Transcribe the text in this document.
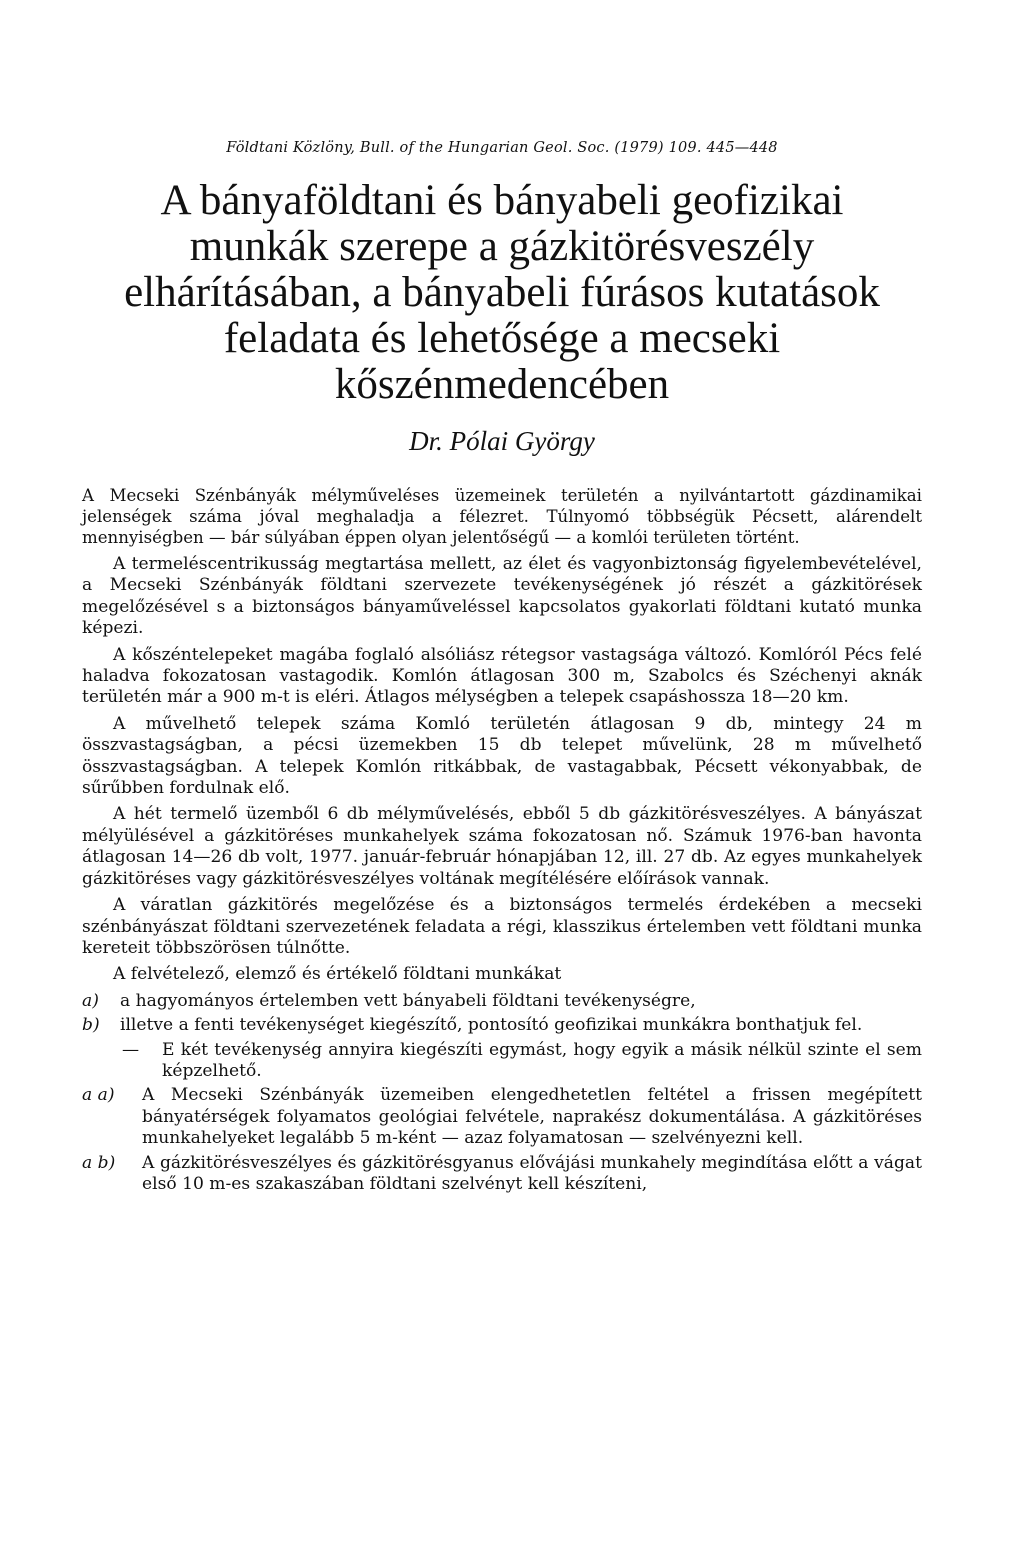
Földtani Közlöny, Bull. of the Hungarian Geol. Soc. (1979) 109. 445—448
A bányaföldtani és bányabeli geofizikai
munkák szerepe a gázkitörésveszély
elhárításában, a bányabeli fúrásos kutatások
feladata és lehetősége a mecseki
kőszénmedencében
Dr. Pólai György
A Mecseki Szénbányák mélyműveléses üzemeinek területén a nyilvántartott gázdinamikai jelenségek száma jóval meghaladja a félezret. Túlnyomó többségük Pécsett, alárendelt mennyiségben — bár súlyában éppen olyan jelentőségű — a komlói területen történt.

A termeléscentrikusság megtartása mellett, az élet és vagyonbiztonság figyelembevételével, a Mecseki Szénbányák földtani szervezete tevékenységének jó részét a gázkitörések megelőzésével s a biztonságos bányaműveléssel kapcsolatos gyakorlati földtani kutató munka képezi.

A kőszéntelepeket magába foglaló alsóliász rétegsor vastagsága változó. Komlóról Pécs felé haladva fokozatosan vastagodik. Komlón átlagosan 300 m, Szabolcs és Széchenyi aknák területén már a 900 m-t is eléri. Átlagos mélységben a telepek csapáshossza 18—20 km.

A művelhető telepek száma Komló területén átlagosan 9 db, mintegy 24 m összvastagságban, a pécsi üzemekben 15 db telepet művelünk, 28 m művelhető összvastagságban. A telepek Komlón ritkábbak, de vastagabbak, Pécsett vékonyabbak, de sűrűbben fordulnak elő.

A hét termelő üzemből 6 db mélyművelésés, ebből 5 db gázkitörésveszélyes. A bányászat mélyülésével a gázkitöréses munkahelyek száma fokozatosan nő. Számuk 1976-ban havonta átlagosan 14—26 db volt, 1977. január-február hónapjában 12, ill. 27 db. Az egyes munkahelyek gázkitöréses vagy gázkitörésveszélyes voltának megítélésére előírások vannak.

A váratlan gázkitörés megelőzése és a biztonságos termelés érdekében a mecseki szénbányászat földtani szervezetének feladata a régi, klasszikus értelemben vett földtani munka kereteit többszörösen túlnőtte.

A felvételező, elemző és értékelő földtani munkákat

a) a hagyományos értelemben vett bányabeli földtani tevékenységre,
b) illetve a fenti tevékenységet kiegészítő, pontosító geofizikai munkákra bonthatjuk fel.
— E két tevékenység annyira kiegészíti egymást, hogy egyik a másik nélkül szinte el sem képzelhető.
a a) A Mecseki Szénbányák üzemeiben elengedhetetlen feltétel a frissen megépített bányatérségek folyamatos geológiai felvétele, naprakész dokumentálása. A gázkitöréses munkahelyeket legalább 5 m-ként — azaz folyamatosan — szelvényezni kell.
a b) A gázkitörésveszélyes és gázkitörésgyanus elővájási munkahely megindítása előtt a vágat első 10 m-es szakaszában földtani szelvényt kell készíteni,
